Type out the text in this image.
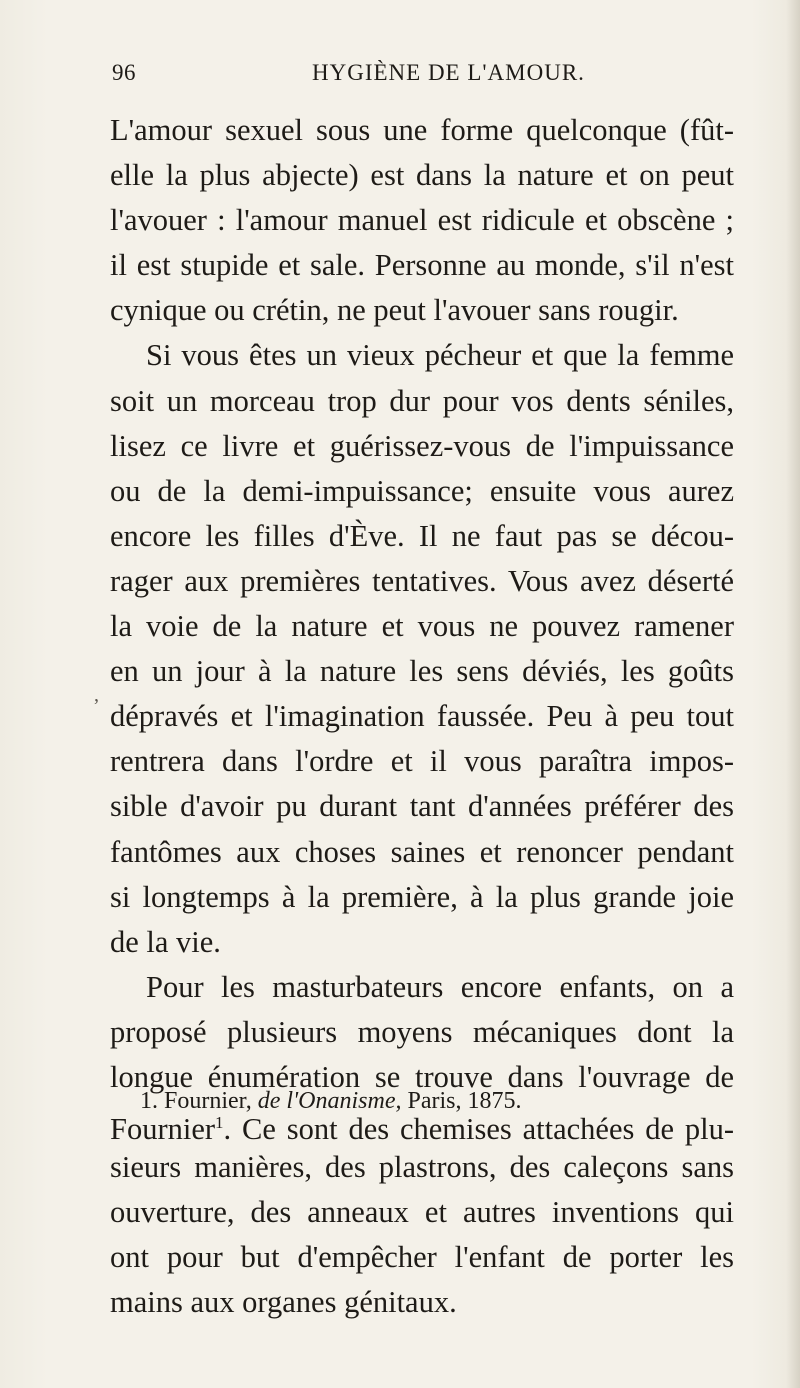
96	HYGIÈNE DE L'AMOUR.
,
L'amour sexuel sous une forme quelconque (fût-
elle la plus abjecte) est dans la nature et on peut
l'avouer : l'amour manuel est ridicule et obscène ;
il est stupide et sale. Personne au monde, s'il n'est
cynique ou crétin, ne peut l'avouer sans rougir.
Si vous êtes un vieux pécheur et que la femme
soit un morceau trop dur pour vos dents séniles,
lisez ce livre et guérissez-vous de l'impuissance
ou de la demi-impuissance; ensuite vous aurez
encore les filles d'Ève. Il ne faut pas se décou-
rager aux premières tentatives. Vous avez déserté
la voie de la nature et vous ne pouvez ramener
en un jour à la nature les sens déviés, les goûts
dépravés et l'imagination faussée. Peu à peu tout
rentrera dans l'ordre et il vous paraîtra impos-
sible d'avoir pu durant tant d'années préférer des
fantômes aux choses saines et renoncer pendant
si longtemps à la première, à la plus grande joie
de la vie.
Pour les masturbateurs encore enfants, on a
proposé plusieurs moyens mécaniques dont la
longue énumération se trouve dans l'ouvrage de
Fournier$^1$. Ce sont des chemises attachées de plu-
sieurs manières, des plastrons, des caleçons sans
ouverture, des anneaux et autres inventions qui
ont pour but d'empêcher l'enfant de porter les
mains aux organes génitaux.
1. Fournier, de l'Onanisme, Paris, 1875.
